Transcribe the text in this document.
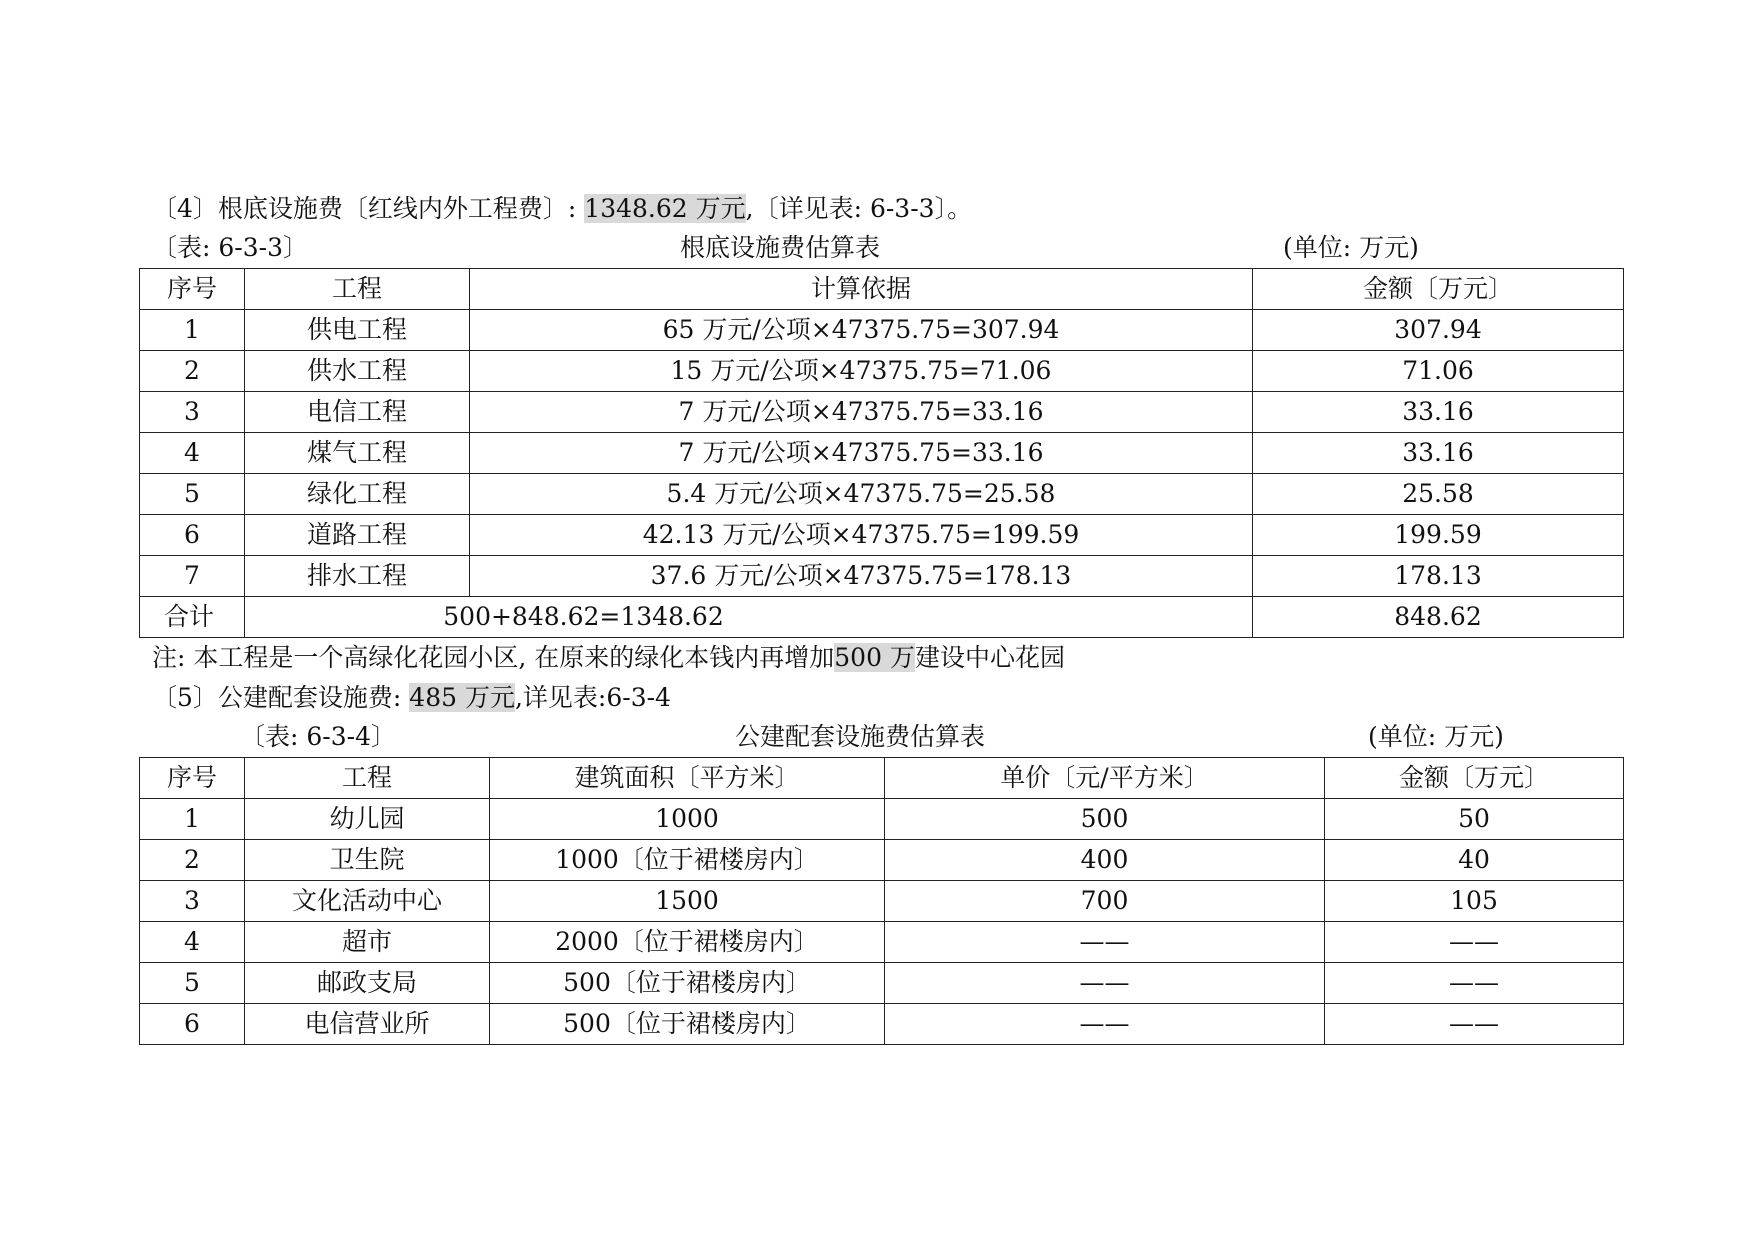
〔4〕根底设施费〔红线内外工程费〕: 1348.62 万元,〔详见表: 6-3-3〕。
〔表: 6-3-3〕	根底设施费估算表	(单位: 万元)
序号	工程	计算依据	金额〔万元〕
1	供电工程	65 万元/公项×47375.75=307.94	307.94
2	供水工程	15 万元/公项×47375.75=71.06	71.06
3	电信工程	7 万元/公项×47375.75=33.16	33.16
4	煤气工程	7 万元/公项×47375.75=33.16	33.16
5	绿化工程	5.4 万元/公项×47375.75=25.58	25.58
6	道路工程	42.13 万元/公项×47375.75=199.59	199.59
7	排水工程	37.6 万元/公项×47375.75=178.13	178.13
合计	500+848.62=1348.62		848.62
注: 本工程是一个高绿化花园小区, 在原来的绿化本钱内再增加500 万建设中心花园
〔5〕公建配套设施费: 485 万元,详见表:6-3-4
〔表: 6-3-4〕	公建配套设施费估算表	(单位: 万元)
序号	工程	建筑面积〔平方米〕	单价〔元/平方米〕	金额〔万元〕
1	幼儿园	1000	500	50
2	卫生院	1000〔位于裙楼房内〕	400	40
3	文化活动中心	1500	700	105
4	超市	2000〔位于裙楼房内〕	——	——
5	邮政支局	500〔位于裙楼房内〕	——	——
6	电信营业所	500〔位于裙楼房内〕	——	——
